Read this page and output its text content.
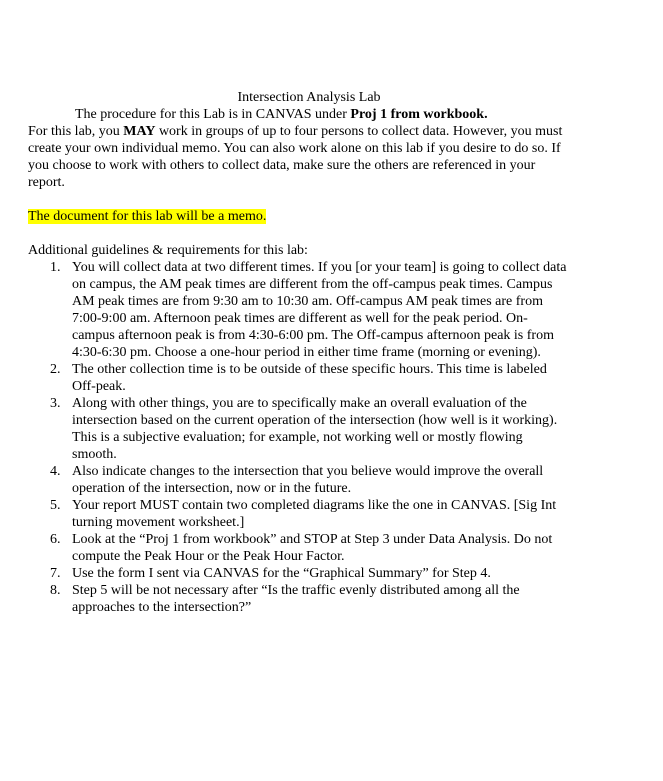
Intersection Analysis Lab

The procedure for this Lab is in CANVAS under Proj 1 from workbook.

For this lab, you MAY work in groups of up to four persons to collect data. However, you must create your own individual memo. You can also work alone on this lab if you desire to do so. If you choose to work with others to collect data, make sure the others are referenced in your report.

The document for this lab will be a memo.

Additional guidelines & requirements for this lab:

1. You will collect data at two different times. If you [or your team] is going to collect data on campus, the AM peak times are different from the off-campus peak times. Campus AM peak times are from 9:30 am to 10:30 am. Off-campus AM peak times are from 7:00-9:00 am. Afternoon peak times are different as well for the peak period. On-campus afternoon peak is from 4:30-6:00 pm. The Off-campus afternoon peak is from 4:30-6:30 pm. Choose a one-hour period in either time frame (morning or evening).
2. The other collection time is to be outside of these specific hours. This time is labeled Off-peak.
3. Along with other things, you are to specifically make an overall evaluation of the intersection based on the current operation of the intersection (how well is it working). This is a subjective evaluation; for example, not working well or mostly flowing smooth.
4. Also indicate changes to the intersection that you believe would improve the overall operation of the intersection, now or in the future.
5. Your report MUST contain two completed diagrams like the one in CANVAS. [Sig Int turning movement worksheet.]
6. Look at the “Proj 1 from workbook” and STOP at Step 3 under Data Analysis. Do not compute the Peak Hour or the Peak Hour Factor.
7. Use the form I sent via CANVAS for the “Graphical Summary” for Step 4.
8. Step 5 will be not necessary after “Is the traffic evenly distributed among all the approaches to the intersection?”
